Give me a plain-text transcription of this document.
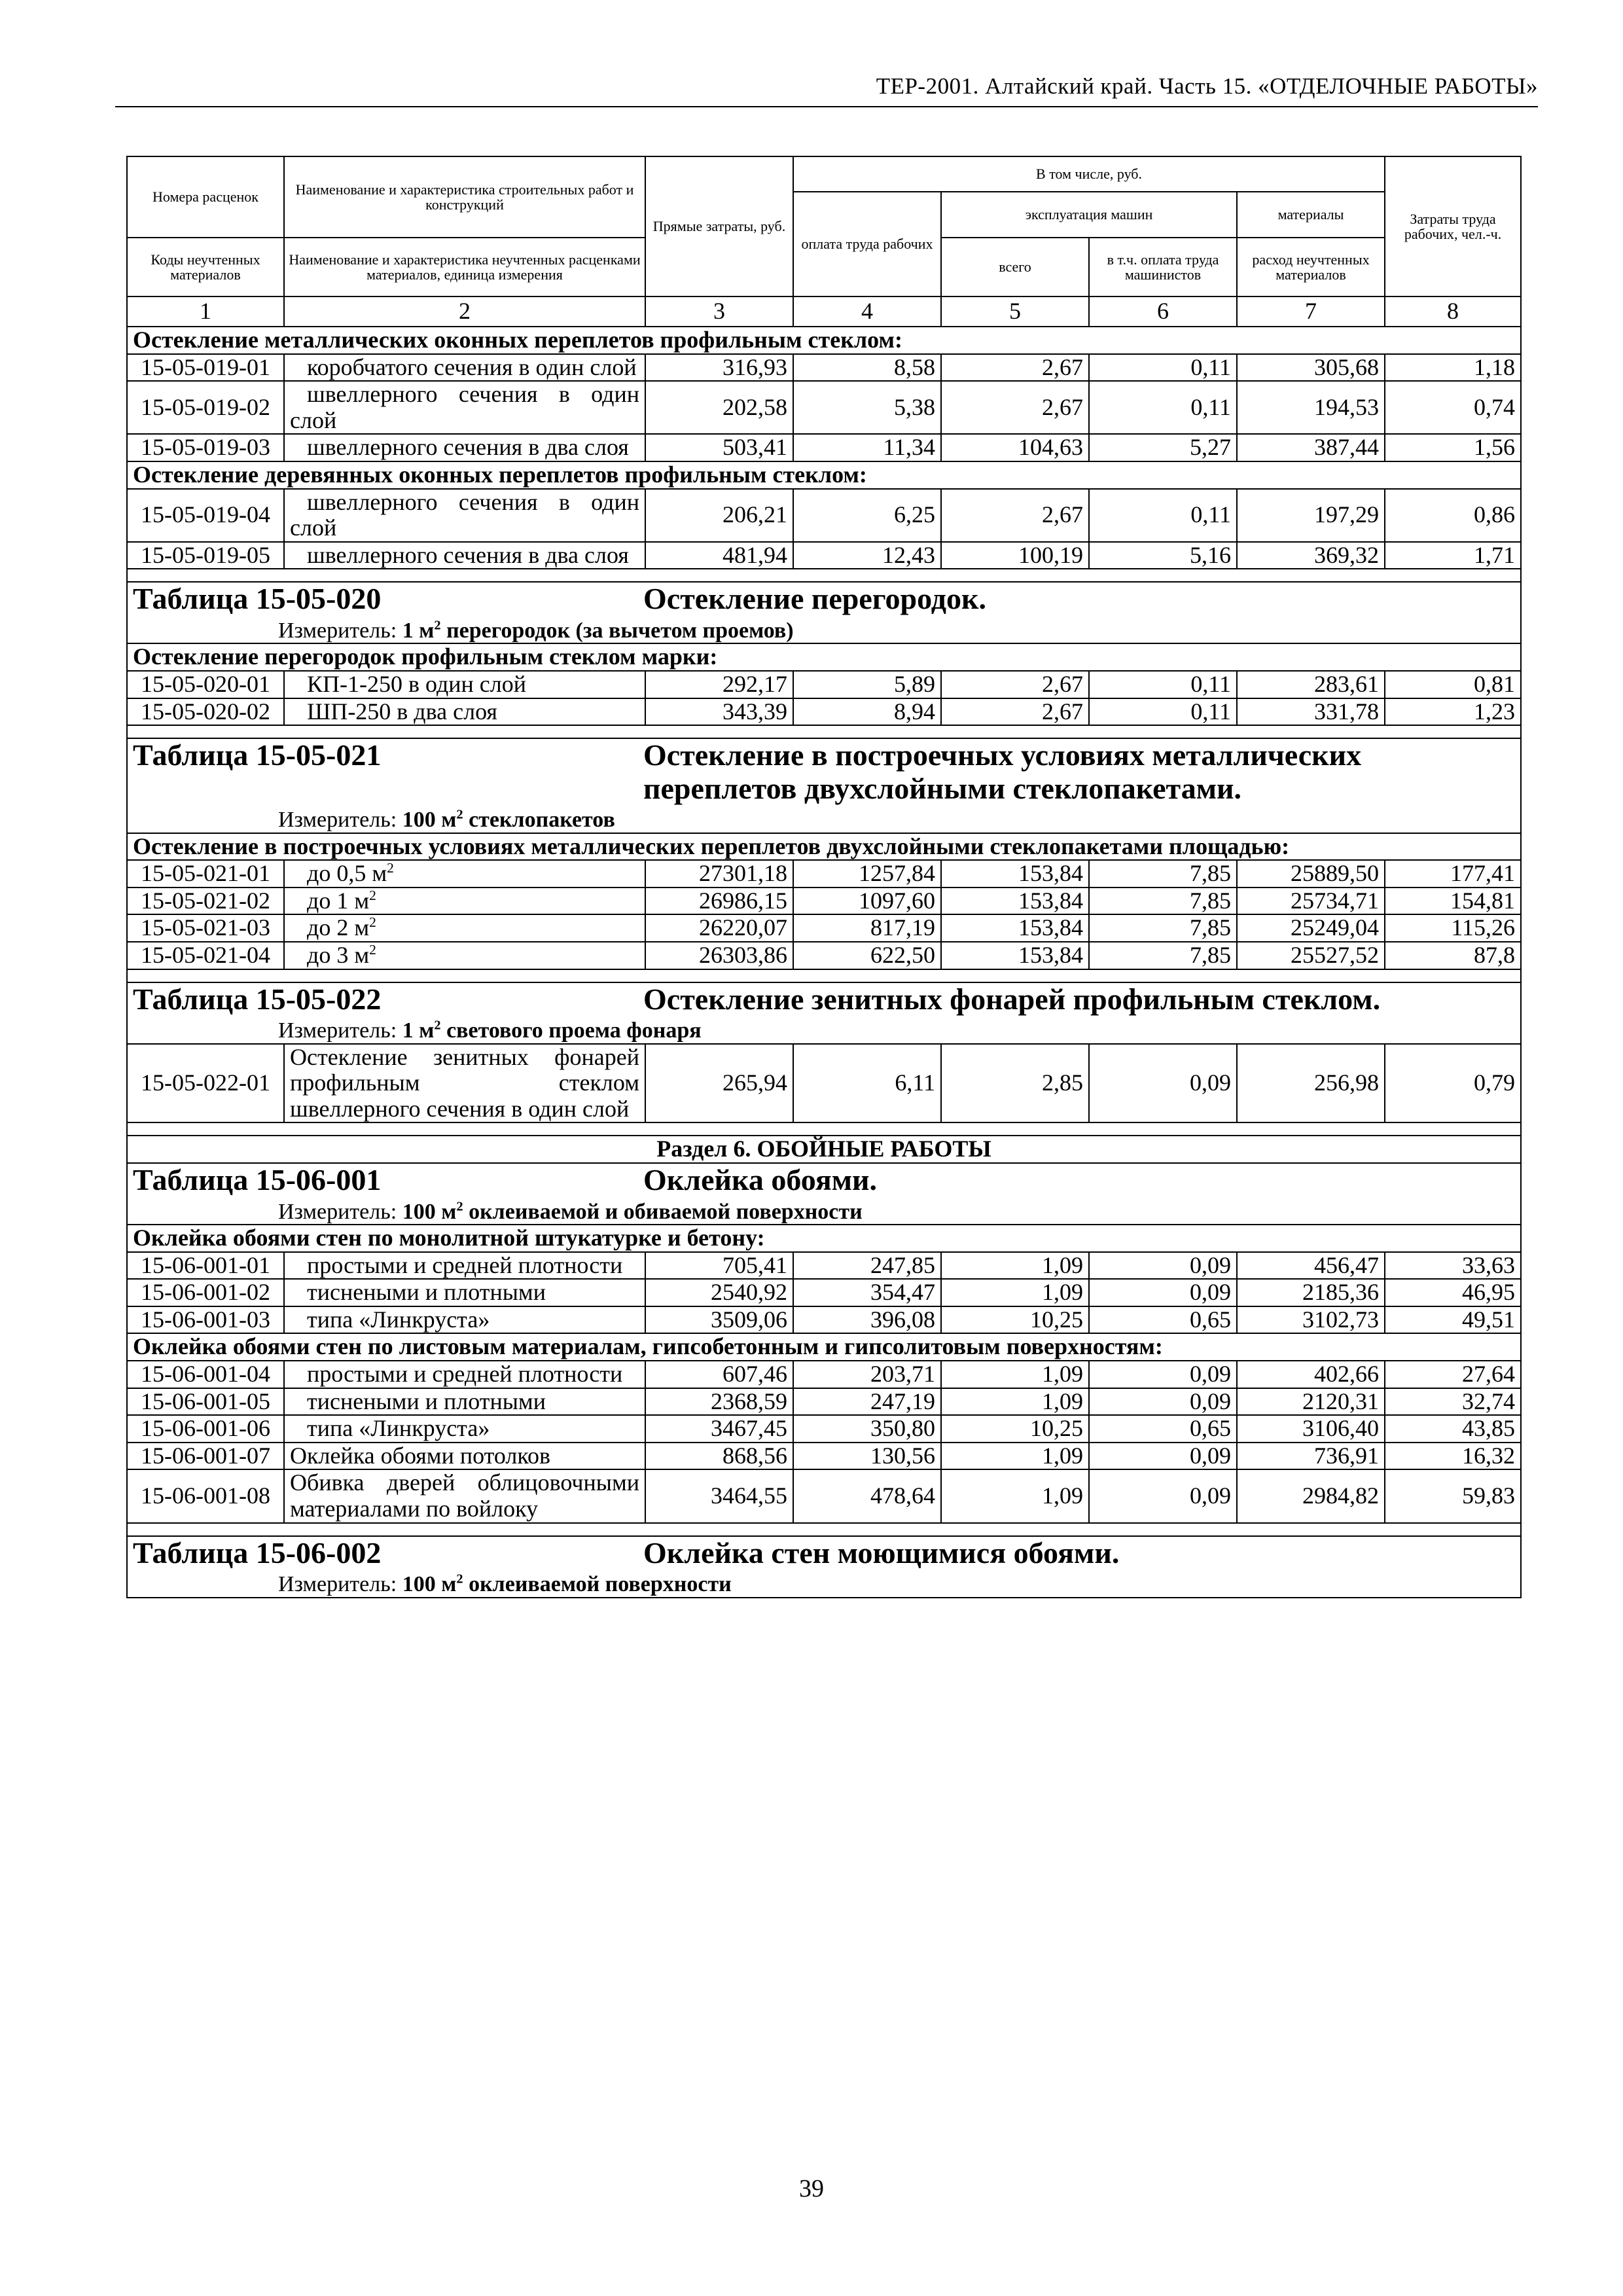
ТЕР-2001. Алтайский край. Часть 15. «ОТДЕЛОЧНЫЕ РАБОТЫ»
Номера расценок	Наименование и характеристика строительных работ и конструкций	Прямые затраты, руб.	В том числе, руб.				Затраты труда рабочих, чел.-ч.
			оплата труда рабочих	эксплуатация машин		материалы	
Коды неучтенных материалов	Наименование и характеристика неучтенных расценками материалов, единица измерения			всего	в т.ч. оплата труда машинистов	расход неучтенных материалов	
1	2	3	4	5	6	7	8
Остекление металлических оконных переплетов профильным стеклом:							
15-05-019-01	коробчатого сечения в один слой	316,93	8,58	2,67	0,11	305,68	1,18
15-05-019-02	швеллерного сечения в один слой	202,58	5,38	2,67	0,11	194,53	0,74
15-05-019-03	швеллерного сечения в два слоя	503,41	11,34	104,63	5,27	387,44	1,56
Остекление деревянных оконных переплетов профильным стеклом:							
15-05-019-04	швеллерного сечения в один слой	206,21	6,25	2,67	0,11	197,29	0,86
15-05-019-05	швеллерного сечения в два слоя	481,94	12,43	100,19	5,16	369,32	1,71

Таблица 15-05-020 Остекление перегородок.
Измеритель: 1 $м^2$ перегородок (за вычетом проемов)							

Остекление перегородок профильным стеклом марки:							
15-05-020-01	КП-1-250 в один слой	292,17	5,89	2,67	0,11	283,61	0,81
15-05-020-02	ШП-250 в два слоя	343,39	8,94	2,67	0,11	331,78	1,23

Таблица 15-05-021 Остекление в построечных условиях металлических переплетов двухслойными стеклопакетами.
Измеритель: 100 $м^2$ стеклопакетов							

Остекление в построечных условиях металлических переплетов двухслойными стеклопакетами площадью:							
15-05-021-01	до 0,5 $м^2$	27301,18	1257,84	153,84	7,85	25889,50	177,41
15-05-021-02	до 1 $м^2$	26986,15	1097,60	153,84	7,85	25734,71	154,81
15-05-021-03	до 2 $м^2$	26220,07	817,19	153,84	7,85	25249,04	115,26
15-05-021-04	до 3 $м^2$	26303,86	622,50	153,84	7,85	25527,52	87,8

Таблица 15-05-022 Остекление зенитных фонарей профильным стеклом.
Измеритель: 1 $м^2$ светового проема фонаря							

15-05-022-01	Остекление зенитных фонарей профильным стеклом швеллерного сечения в один слой	265,94	6,11	2,85	0,09	256,98	0,79

Раздел 6. ОБОЙНЫЕ РАБОТЫ							

Таблица 15-06-001 Оклейка обоями.
Измеритель: 100 $м^2$ оклеиваемой и обиваемой поверхности							

Оклейка обоями стен по монолитной штукатурке и бетону:							
15-06-001-01	простыми и средней плотности	705,41	247,85	1,09	0,09	456,47	33,63
15-06-001-02	тиснеными и плотными	2540,92	354,47	1,09	0,09	2185,36	46,95
15-06-001-03	типа «Линкруста»	3509,06	396,08	10,25	0,65	3102,73	49,51
Оклейка обоями стен по листовым материалам, гипсобетонным и гипсолитовым поверхностям:							
15-06-001-04	простыми и средней плотности	607,46	203,71	1,09	0,09	402,66	27,64
15-06-001-05	тиснеными и плотными	2368,59	247,19	1,09	0,09	2120,31	32,74
15-06-001-06	типа «Линкруста»	3467,45	350,80	10,25	0,65	3106,40	43,85
15-06-001-07	Оклейка обоями потолков	868,56	130,56	1,09	0,09	736,91	16,32
15-06-001-08	Обивка дверей облицовочными материалами по войлоку	3464,55	478,64	1,09	0,09	2984,82	59,83

Таблица 15-06-002 Оклейка стен моющимися обоями.
Измеритель: 100 $м^2$ оклеиваемой поверхности							
39
